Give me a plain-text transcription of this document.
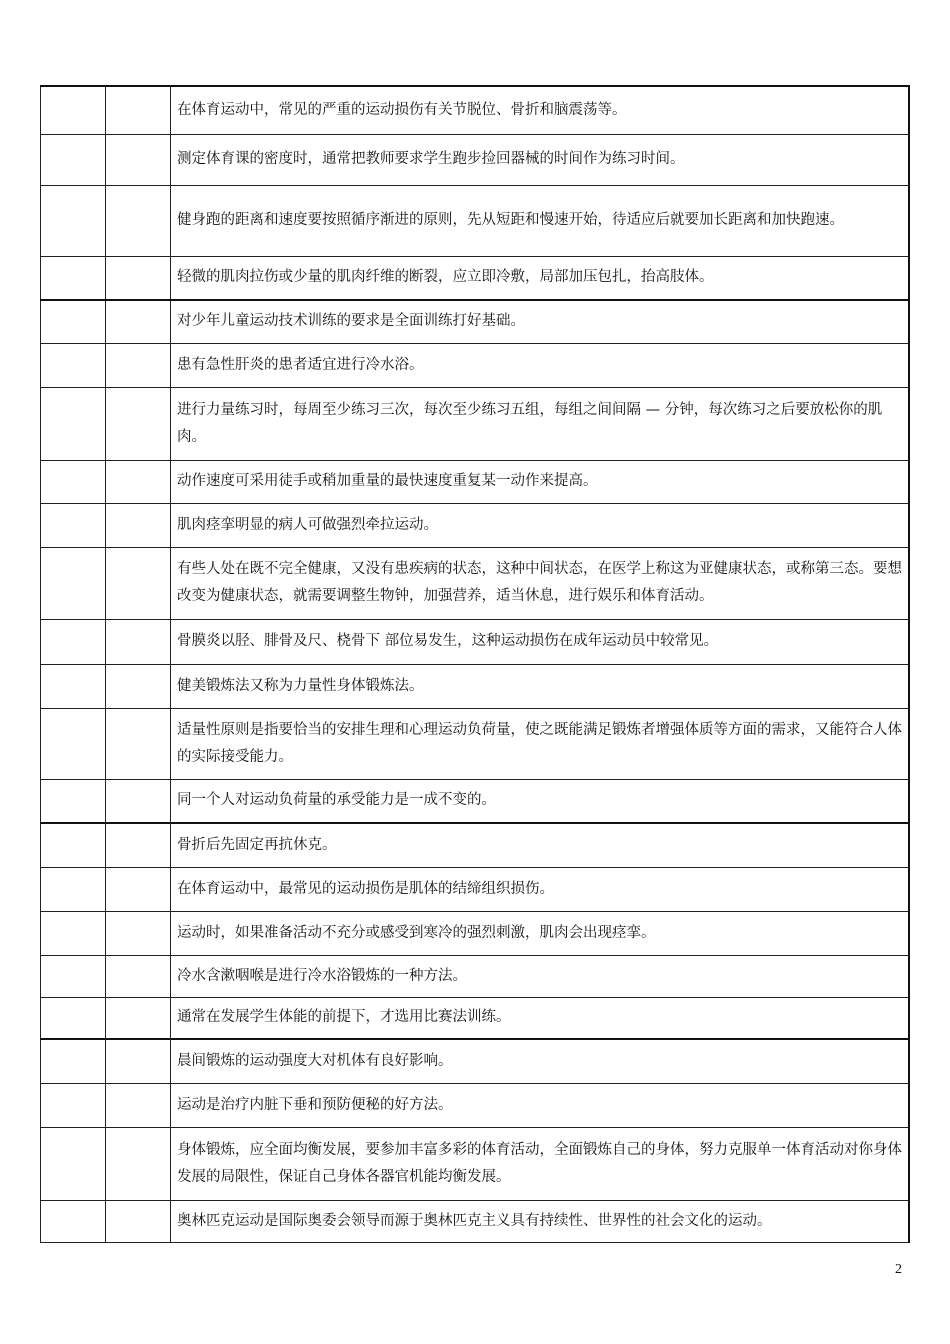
		在体育运动中，常见的严重的运动损伤有关节脱位、骨折和脑震荡等。
		测定体育课的密度时，通常把教师要求学生跑步捡回器械的时间作为练习时间。
		健身跑的距离和速度要按照循序渐进的原则，先从短距和慢速开始，待适应后就要加长距离和加快跑速。
		轻微的肌肉拉伤或少量的肌肉纤维的断裂，应立即冷敷，局部加压包扎，抬高肢体。
		对少年儿童运动技术训练的要求是全面训练打好基础。
		患有急性肝炎的患者适宜进行冷水浴。
		进行力量练习时，每周至少练习三次，每次至少练习五组，每组之间间隔 — 分钟，每次练习之后要放松你的肌肉。
		动作速度可采用徒手或稍加重量的最快速度重复某一动作来提高。
		肌肉痉挛明显的病人可做强烈牵拉运动。
		有些人处在既不完全健康，又没有患疾病的状态，这种中间状态，在医学上称这为亚健康状态，或称第三态。要想改变为健康状态，就需要调整生物钟，加强营养，适当休息，进行娱乐和体育活动。
		骨膜炎以胫、腓骨及尺、桡骨下 部位易发生，这种运动损伤在成年运动员中较常见。
		健美锻炼法又称为力量性身体锻炼法。
		适量性原则是指要恰当的安排生理和心理运动负荷量，使之既能满足锻炼者增强体质等方面的需求，又能符合人体的实际接受能力。
		同一个人对运动负荷量的承受能力是一成不变的。
		骨折后先固定再抗休克。
		在体育运动中，最常见的运动损伤是肌体的结缔组织损伤。
		运动时，如果准备活动不充分或感受到寒冷的强烈刺激，肌肉会出现痉挛。
		冷水含漱咽喉是进行冷水浴锻炼的一种方法。
		通常在发展学生体能的前提下，才选用比赛法训练。
		晨间锻炼的运动强度大对机体有良好影响。
		运动是治疗内脏下垂和预防便秘的好方法。
		身体锻炼，应全面均衡发展，要参加丰富多彩的体育活动，全面锻炼自己的身体，努力克服单一体育活动对你身体发展的局限性，保证自己身体各器官机能均衡发展。
		奥林匹克运动是国际奥委会领导而源于奥林匹克主义具有持续性、世界性的社会文化的运动。
2
